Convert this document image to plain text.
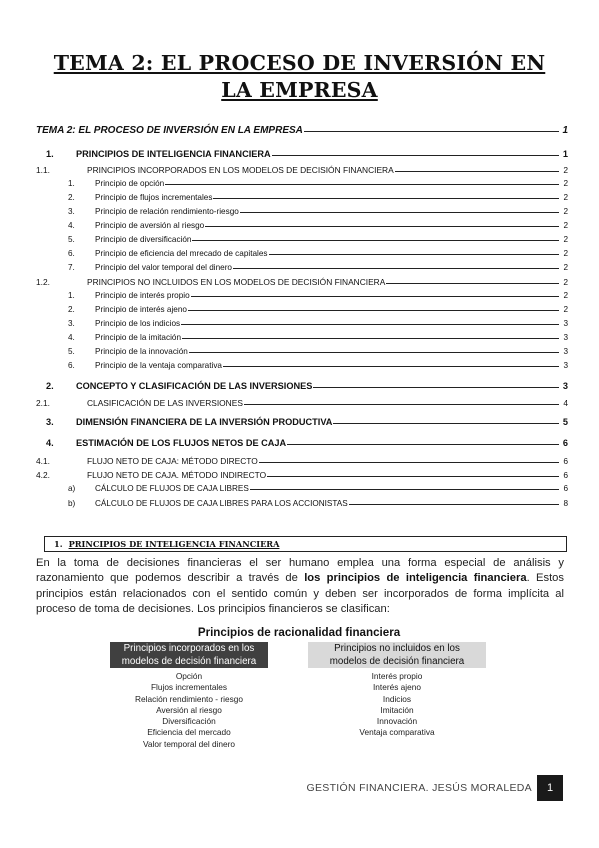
TEMA 2: EL PROCESO DE INVERSIÓN EN LA EMPRESA
TEMA 2: EL PROCESO DE INVERSIÓN EN LA EMPRESA	1
1.	PRINCIPIOS DE INTELIGENCIA FINANCIERA	1
1.1.	PRINCIPIOS INCORPORADOS EN LOS MODELOS DE DECISIÓN FINANCIERA	2
1.	Principio de opción	2
2.	Principio de flujos incrementales	2
3.	Principio de relación rendimiento-riesgo	2
4.	Principio de aversión al riesgo	2
5.	Principio de diversificación	2
6.	Principio de eficiencia del mrecado de capitales	2
7.	Principio del valor temporal del dinero	2
1.2.	PRINCIPIOS NO INCLUIDOS EN LOS MODELOS DE DECISIÓN FINANCIERA	2
1.	Principio de interés propio	2
2.	Principio de interés ajeno	2
3.	Principio de los indicios	3
4.	Principio de la imitación	3
5.	Principio de la innovación	3
6.	Principio de la ventaja comparativa	3
2.	CONCEPTO Y CLASIFICACIÓN DE LAS INVERSIONES	3
2.1.	CLASIFICACIÓN DE LAS INVERSIONES	4
3.	DIMENSIÓN FINANCIERA DE LA INVERSIÓN PRODUCTIVA	5
4.	ESTIMACIÓN DE LOS FLUJOS NETOS DE CAJA	6
4.1.	FLUJO NETO DE CAJA: MÉTODO DIRECTO	6
4.2.	FLUJO NETO DE CAJA. MÉTODO INDIRECTO	6
a)	CÁLCULO DE FLUJOS DE CAJA LIBRES	6
b)	CÁLCULO DE FLUJOS DE CAJA LIBRES PARA LOS ACCIONISTAS	8
1. PRINCIPIOS DE INTELIGENCIA FINANCIERA
En la toma de decisiones financieras el ser humano emplea una forma especial de análisis y razonamiento que podemos describir a través de los principios de inteligencia financiera. Estos principios están relacionados con el sentido común y deben ser incorporados de forma implícita al proceso de toma de decisiones. Los principios financieros se clasifican:
Principios de racionalidad financiera
Principios incorporados en los
modelos de decisión financiera
Principios no incluidos en los
modelos de decisión financiera
Opción
Flujos incrementales
Relación rendimiento - riesgo
Aversión al riesgo
Diversificación
Eficiencia del mercado
Valor temporal del dinero
Interés propio
Interés ajeno
Indicios
Imitación
Innovación
Ventaja comparativa
GESTIÓN FINANCIERA. JESÚS MORALEDA	1
